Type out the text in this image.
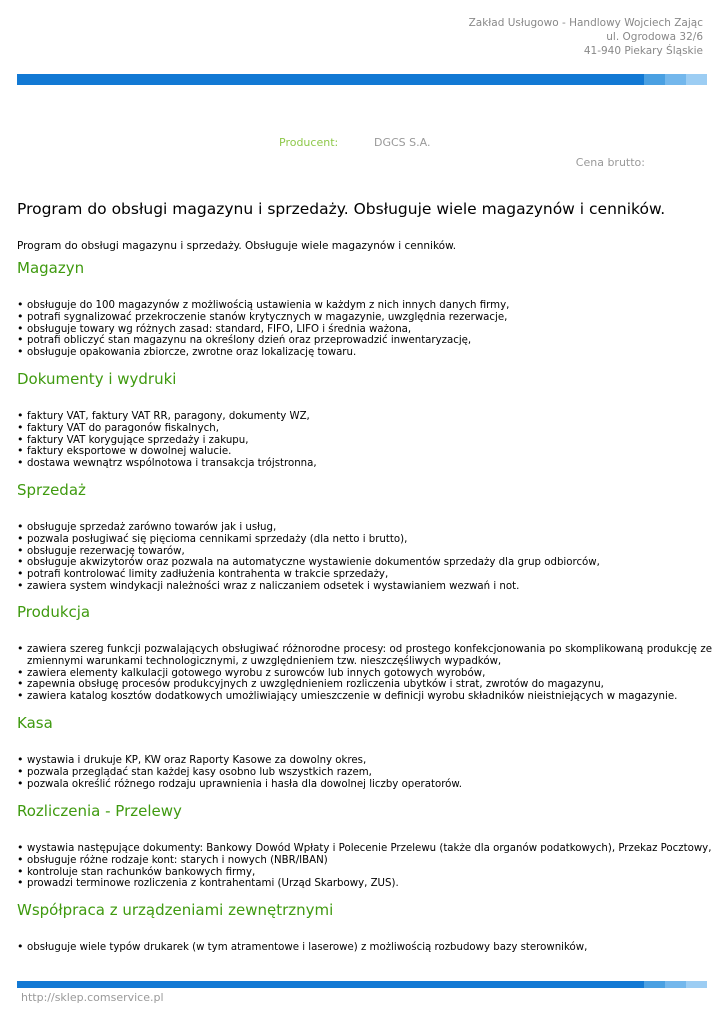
Zakład Usługowo - Handlowy Wojciech Zając
ul. Ogrodowa 32/6
41-940 Piekary Śląskie
Producent:	DGCS S.A.
Cena brutto:
Program do obsługi magazynu i sprzedaży. Obsługuje wiele magazynów i cenników.

Program do obsługi magazynu i sprzedaży. Obsługuje wiele magazynów i cenników.

Magazyn
• obsługuje do 100 magazynów z możliwością ustawienia w każdym z nich innych danych firmy,
• potrafi sygnalizować przekroczenie stanów krytycznych w magazynie, uwzględnia rezerwacje,
• obsługuje towary wg różnych zasad: standard, FIFO, LIFO i średnia ważona,
• potrafi obliczyć stan magazynu na określony dzień oraz przeprowadzić inwentaryzację,
• obsługuje opakowania zbiorcze, zwrotne oraz lokalizację towaru.
Dokumenty i wydruki
• faktury VAT, faktury VAT RR, paragony, dokumenty WZ,
• faktury VAT do paragonów fiskalnych,
• faktury VAT korygujące sprzedaży i zakupu,
• faktury eksportowe w dowolnej walucie.
• dostawa wewnątrz wspólnotowa i transakcja trójstronna,
Sprzedaż
• obsługuje sprzedaż zarówno towarów jak i usług,
• pozwala posługiwać się pięcioma cennikami sprzedaży (dla netto i brutto),
• obsługuje rezerwację towarów,
• obsługuje akwizytorów oraz pozwala na automatyczne wystawienie dokumentów sprzedaży dla grup odbiorców,
• potrafi kontrolować limity zadłużenia kontrahenta w trakcie sprzedaży,
• zawiera system windykacji należności wraz z naliczaniem odsetek i wystawianiem wezwań i not.
Produkcja
• zawiera szereg funkcji pozwalających obsługiwać różnorodne procesy: od prostego konfekcjonowania po skomplikowaną produkcję ze zmiennymi warunkami technologicznymi, z uwzględnieniem tzw. nieszczęśliwych wypadków,
• zawiera elementy kalkulacji gotowego wyrobu z surowców lub innych gotowych wyrobów,
• zapewnia obsługę procesów produkcyjnych z uwzględnieniem rozliczenia ubytków i strat, zwrotów do magazynu,
• zawiera katalog kosztów dodatkowych umożliwiający umieszczenie w definicji wyrobu składników nieistniejących w magazynie.
Kasa
• wystawia i drukuje KP, KW oraz Raporty Kasowe za dowolny okres,
• pozwala przeglądać stan każdej kasy osobno lub wszystkich razem,
• pozwala określić różnego rodzaju uprawnienia i hasła dla dowolnej liczby operatorów.
Rozliczenia - Przelewy
• wystawia następujące dokumenty: Bankowy Dowód Wpłaty i Polecenie Przelewu (także dla organów podatkowych), Przekaz Pocztowy,
• obsługuje różne rodzaje kont: starych i nowych (NBR/IBAN)
• kontroluje stan rachunków bankowych firmy,
• prowadzi terminowe rozliczenia z kontrahentami (Urząd Skarbowy, ZUS).
Współpraca z urządzeniami zewnętrznymi
• obsługuje wiele typów drukarek (w tym atramentowe i laserowe) z możliwością rozbudowy bazy sterowników,
http://sklep.comservice.pl
